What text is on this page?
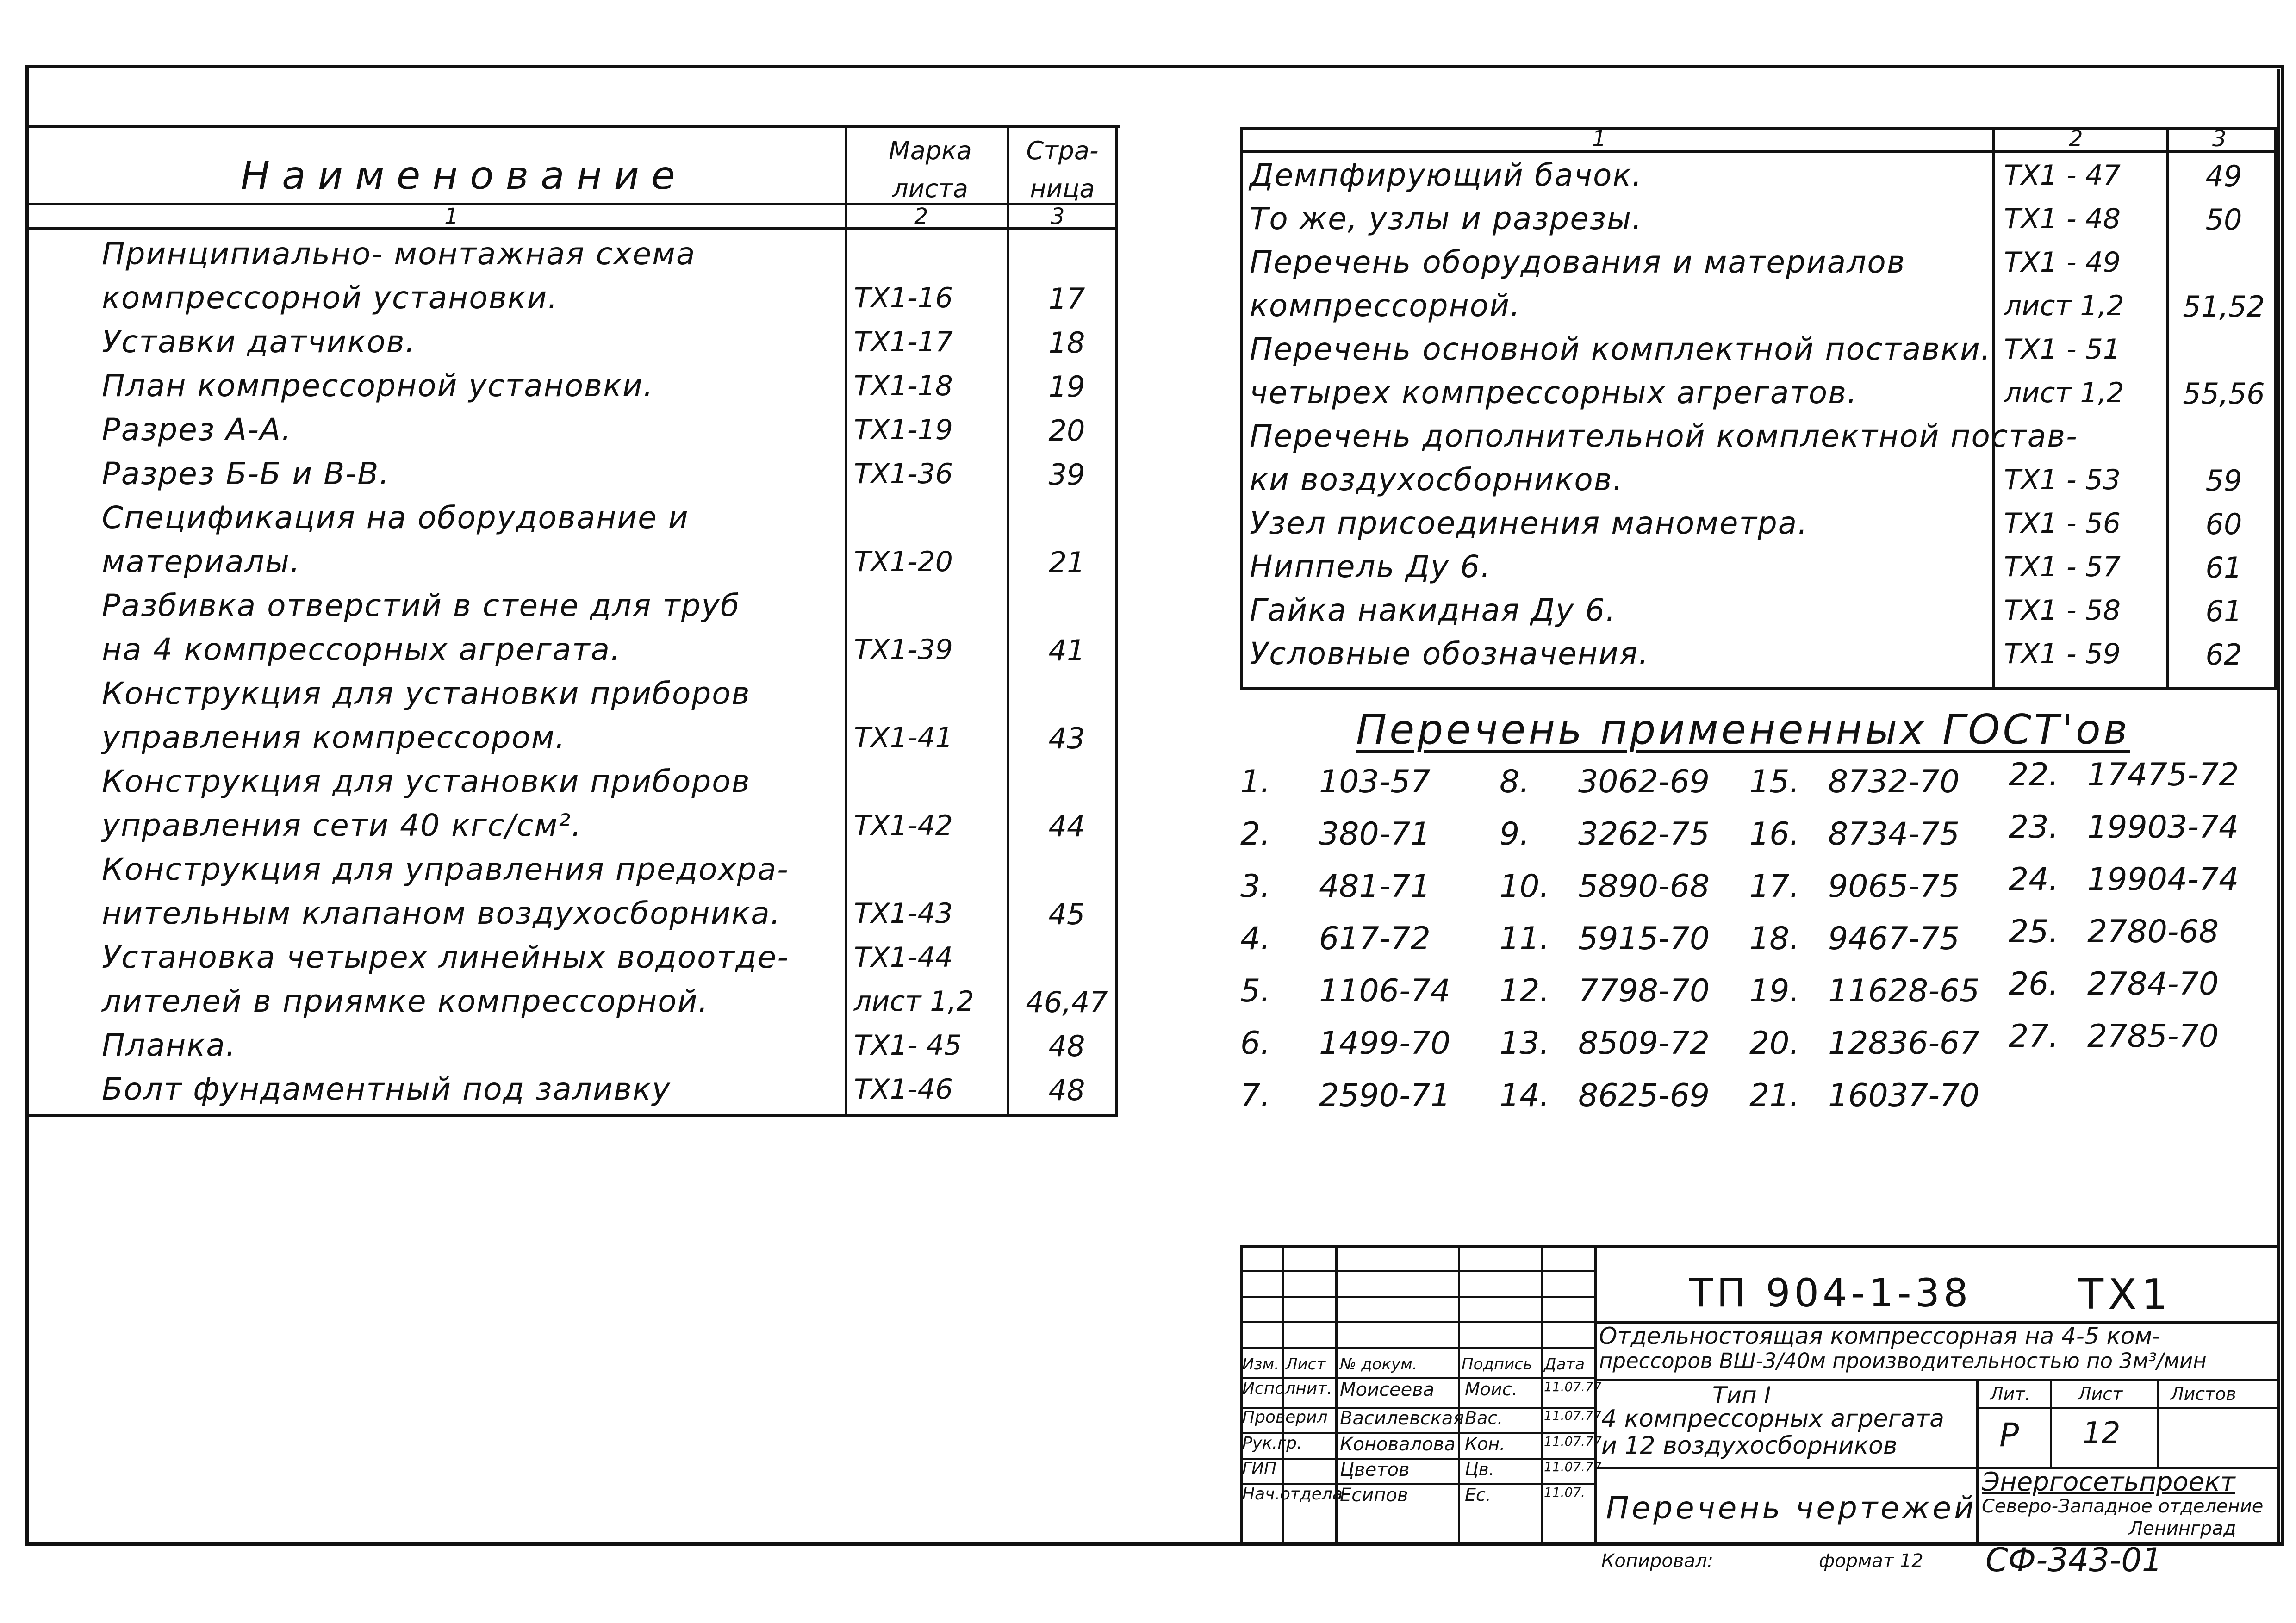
Наименование
Марка листа
Стра- ница
1	2	3
Принципиально- монтажная схема
компрессорной установки.	ТХ1-16	17
Уставки датчиков.	ТХ1-17	18
План компрессорной установки.	ТХ1-18	19
Разрез А-А.	ТХ1-19	20
Разрез Б-Б и В-В.	ТХ1-36	39
Спецификация на оборудование и
материалы.	ТХ1-20	21
Разбивка отверстий в стене для труб
на 4 компрессорных агрегата.	ТХ1-39	41
Конструкция для установки приборов
управления компрессором.	ТХ1-41	43
Конструкция для установки приборов
управления сети 40 кгс/см².	ТХ1-42	44
Конструкция для управления предохра-
нительным клапаном воздухосборника.	ТХ1-43	45
Установка четырех линейных водоотде- ТХ1-44
лителей в приямке компрессорной.	лист 1,2 46,47
Планка.	ТХ1- 45	48
Болт фундаментный под заливку	ТХ1-46	48
1	2	3
Демпфирующий бачок.	ТХ1 - 47	49
То же, узлы и разрезы.	ТХ1 - 48	50
Перечень оборудования и материалов	ТХ1 - 49
компрессорной.	лист 1,2	51,52
Перечень основной комплектной поставки. ТХ1 - 51
четырех компрессорных агрегатов.	лист 1,2	55,56
Перечень дополнительной комплектной постав-
ки воздухосборников.	ТХ1 - 53	59
Узел присоединения манометра.	ТХ1 - 56	60
Ниппель Ду 6.	ТХ1 - 57	61
Гайка накидная Ду 6.	ТХ1 - 58	61
Условные обозначения.	ТХ1 - 59	62
Перечень примененных ГОСТ'ов
1. 103-57
2. 380-71
3. 481-71
4. 617-72
5. 1106-74
6. 1499-70
7. 2590-71
8. 3062-69
9. 3262-75
10. 5890-68
11. 5915-70
12. 7798-70
13. 8509-72
14. 8625-69
15. 8732-70
16. 8734-75
17. 9065-75
18. 9467-75
19. 11628-65
20. 12836-67
21. 16037-70
22. 17475-72
23. 19903-74
24. 19904-74
25. 2780-68
26. 2784-70
27. 2785-70
ТП 904-1-38	ТХ1
Отдельностоящая компрессорная на 4-5 ком-
прессоров ВШ-3/40м производительностью по 3м³/мин
Тип I
4 компрессорных агрегата
и 12 воздухосборников
Перечень чертежей
Лит.	Лист	Листов
Р 12
Энергосетьпроект
Северо-Западное отделение
Ленинград
Изм. Лист № докум.	Подпись Дата
Исполнит. Моисеева Моис. 11.07.77
Проверил Василевская Вас.	11.07.77
Рук.гр. Коновалова Кон.	11.07.77
ГИП	Цветов	Цв.	11.07.77
Нач.отдела
Есипов	Ес.	11.07.
Копировал:	формат 12 СФ-343-01
